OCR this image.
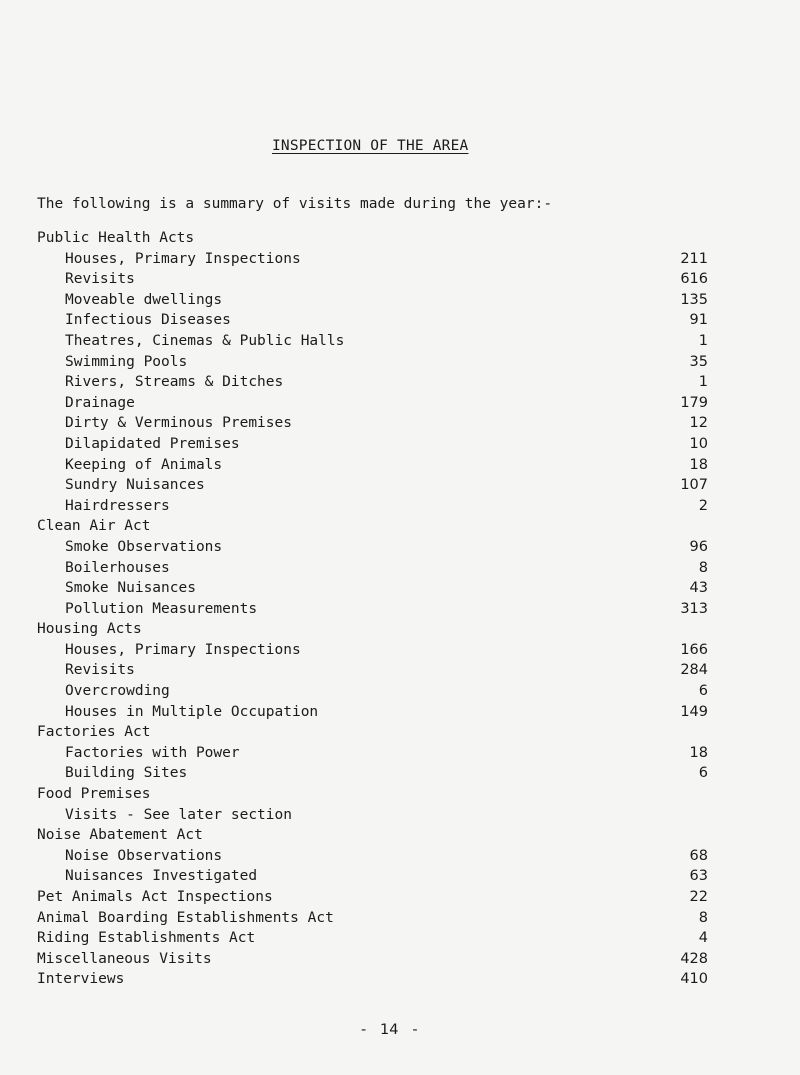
INSPECTION OF THE AREA
The following is a summary of visits made during the year:-
Public Health Acts
Houses, Primary Inspections	211
Revisits	616
Moveable dwellings	135
Infectious Diseases	91
Theatres, Cinemas & Public Halls	1
Swimming Pools	35
Rivers, Streams & Ditches	1
Drainage	179
Dirty & Verminous Premises	12
Dilapidated Premises	10
Keeping of Animals	18
Sundry Nuisances	107
Hairdressers	2
Clean Air Act
Smoke Observations	96
Boilerhouses	8
Smoke Nuisances	43
Pollution Measurements	313
Housing Acts
Houses, Primary Inspections	166
Revisits	284
Overcrowding	6
Houses in Multiple Occupation	149
Factories Act
Factories with Power	18
Building Sites	6
Food Premises
Visits - See later section
Noise Abatement Act
Noise Observations	68
Nuisances Investigated	63
Pet Animals Act Inspections	22
Animal Boarding Establishments Act	8
Riding Establishments Act	4
Miscellaneous Visits	428
Interviews	410
-   14   -
